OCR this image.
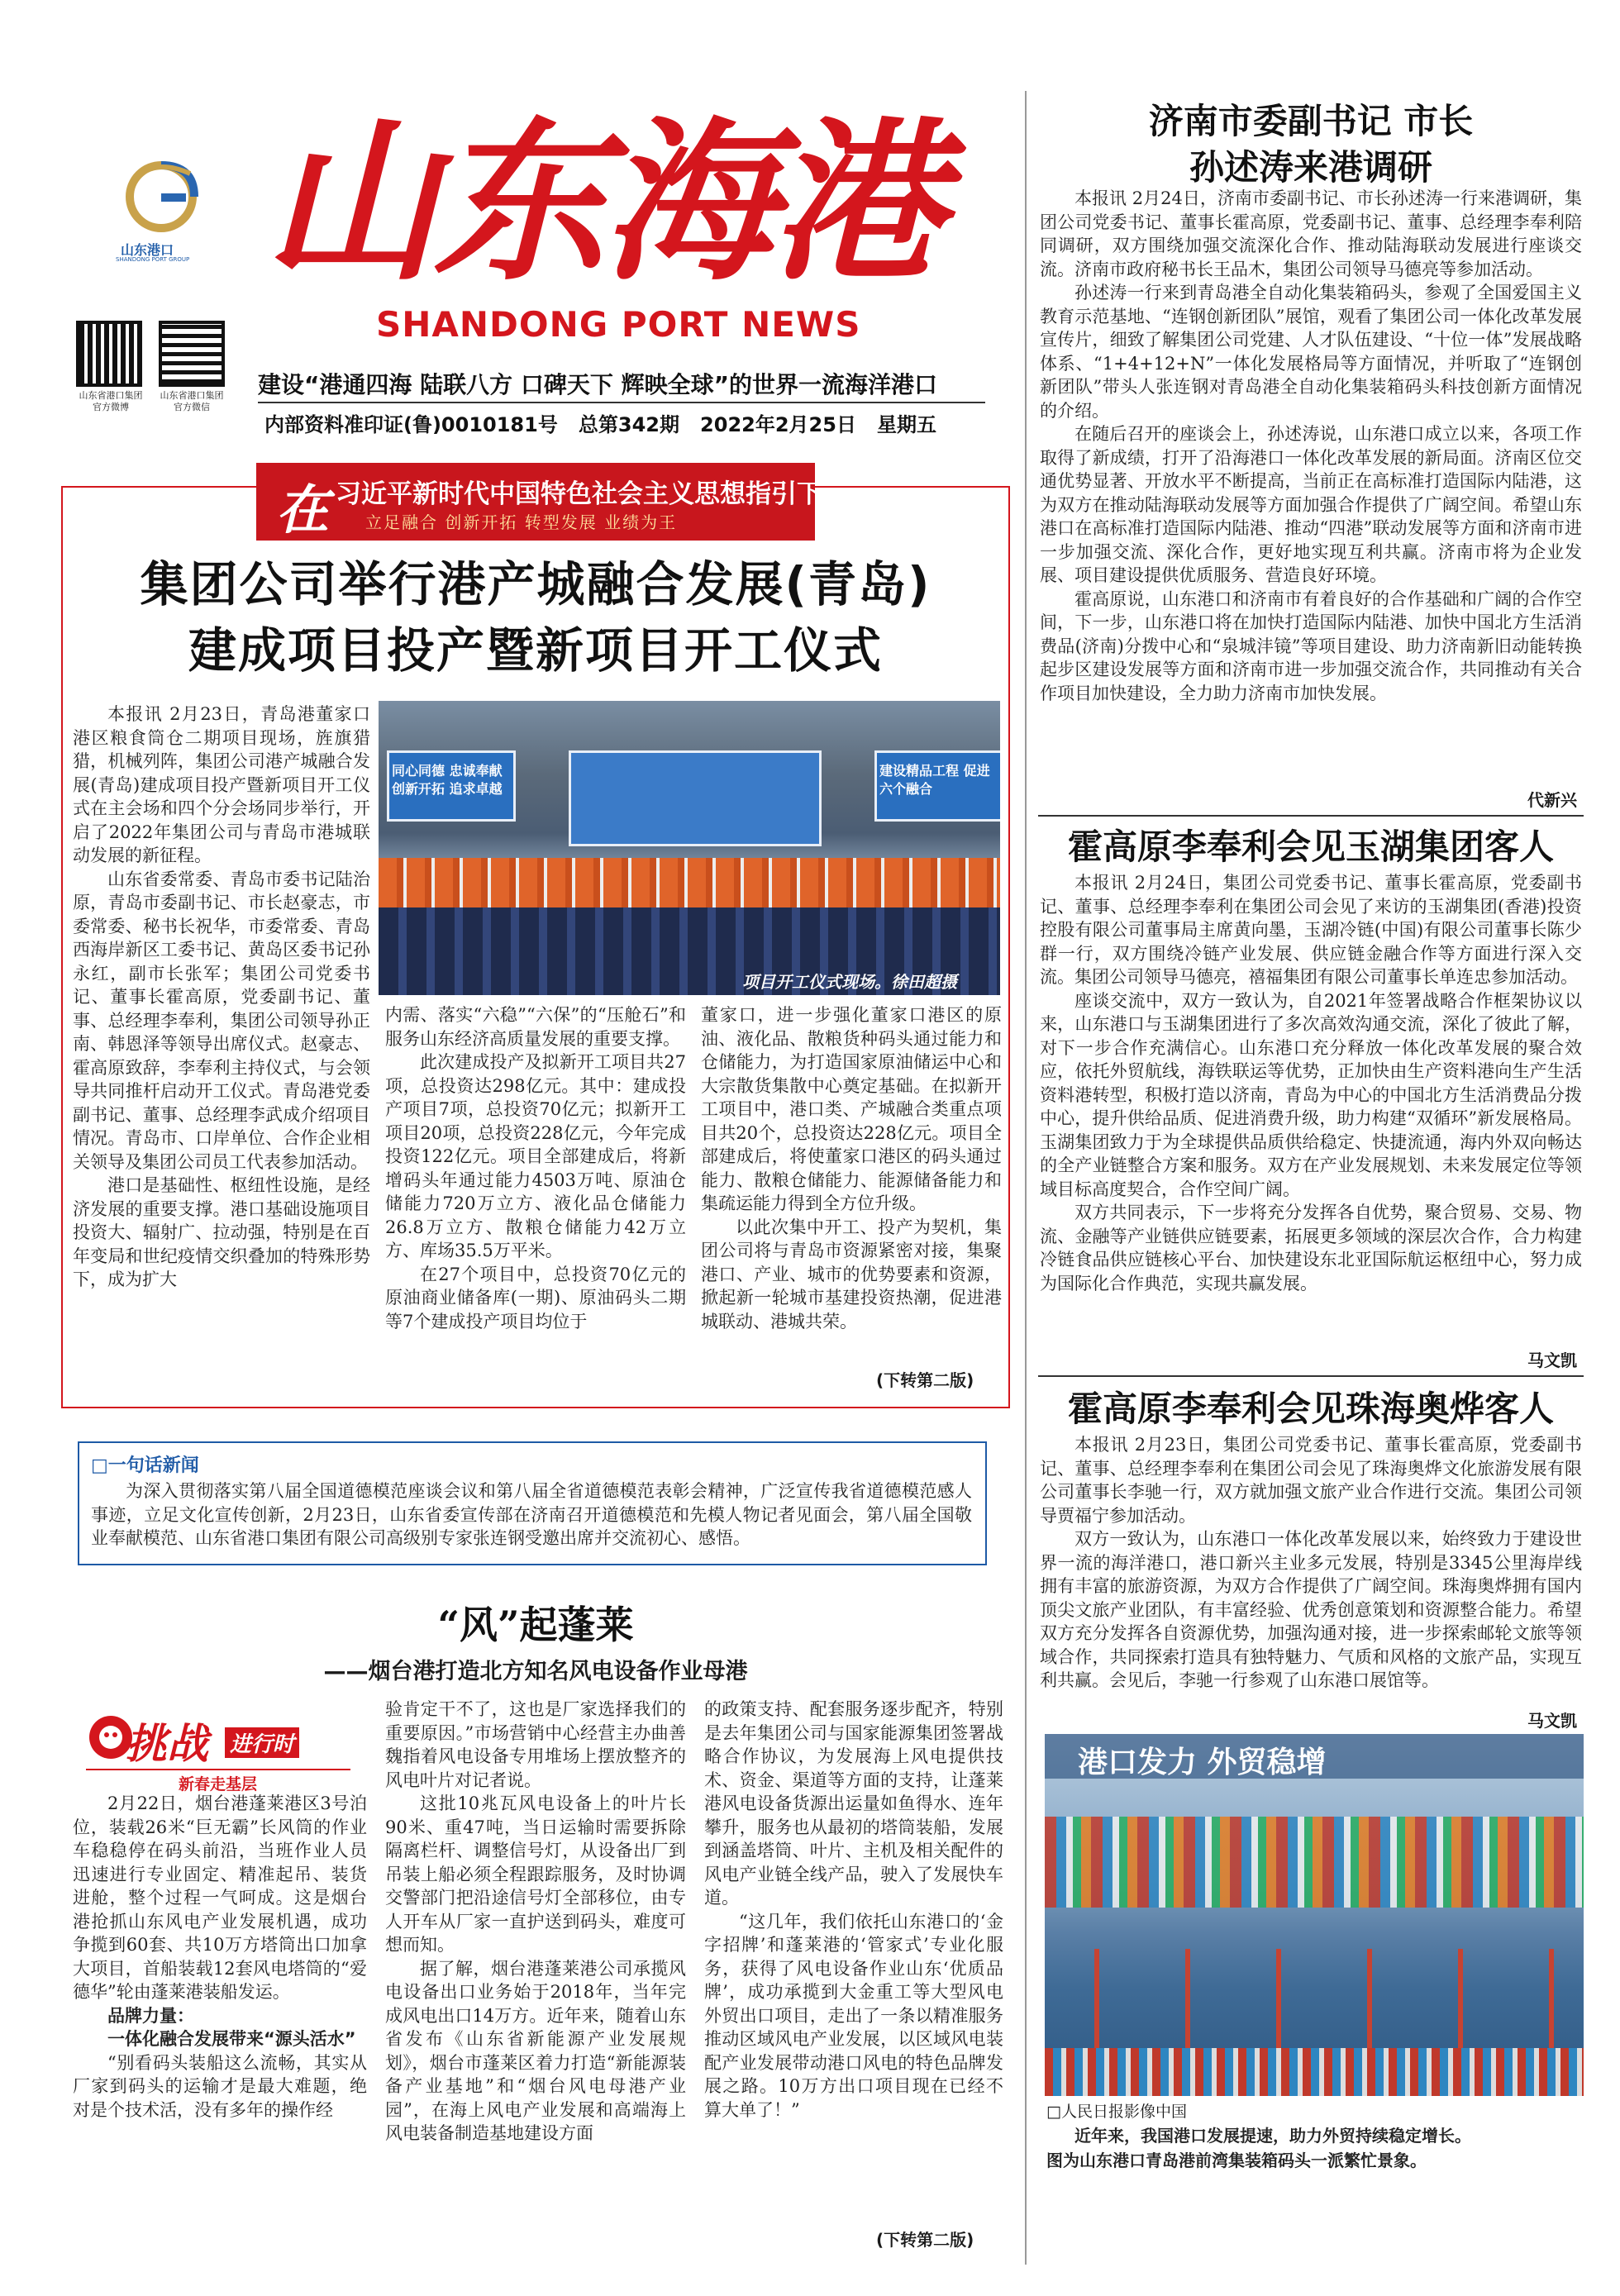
山东港口
SHANDONG PORT GROUP 山东海港
SHANDONG PORT NEWS
山东省港口集团官方微博
山东省港口集团官方微信
建设“港通四海 陆联八方 口碑天下 辉映全球”的世界一流海洋港口
内部资料准印证(鲁)0010181号   总第342期   2022年2月25日   星期五
在 习近平新时代中国特色社会主义思想指引下
立足融合 创新开拓 转型发展 业绩为王
集团公司举行港产城融合发展(青岛)
建成项目投产暨新项目开工仪式
同心同德 忠诚奉献 创新开拓 追求卓越
建设精品工程 促进六个融合
项目开工仪式现场。徐田超摄

本报讯 2月23日，青岛港董家口港区粮食筒仓二期项目现场，旌旗猎猎，机械列阵，集团公司港产城融合发展(青岛)建成项目投产暨新项目开工仪式在主会场和四个分会场同步举行，开启了2022年集团公司与青岛市港城联动发展的新征程。

山东省委常委、青岛市委书记陆治原，青岛市委副书记、市长赵豪志，市委常委、秘书长祝华，市委常委、青岛西海岸新区工委书记、黄岛区委书记孙永红，副市长张军；集团公司党委书记、董事长霍高原，党委副书记、董事、总经理李奉利，集团公司领导孙正南、韩恩泽等领导出席仪式。赵豪志、霍高原致辞，李奉利主持仪式，与会领导共同推杆启动开工仪式。青岛港党委副书记、董事、总经理李武成介绍项目情况。青岛市、口岸单位、合作企业相关领导及集团公司员工代表参加活动。

港口是基础性、枢纽性设施，是经济发展的重要支撑。港口基础设施项目投资大、辐射广、拉动强，特别是在百年变局和世纪疫情交织叠加的特殊形势下，成为扩大

内需、落实“六稳”“六保”的“压舱石”和服务山东经济高质量发展的重要支撑。

此次建成投产及拟新开工项目共27项，总投资达298亿元。其中：建成投产项目7项，总投资70亿元；拟新开工项目20项，总投资228亿元，今年完成投资122亿元。项目全部建成后，将新增码头年通过能力4503万吨、原油仓储能力720万立方、液化品仓储能力26.8万立方、散粮仓储能力42万立方、库场35.5万平米。

在27个项目中，总投资70亿元的原油商业储备库(一期)、原油码头二期等7个建成投产项目均位于

董家口，进一步强化董家口港区的原油、液化品、散粮货种码头通过能力和仓储能力，为打造国家原油储运中心和大宗散货集散中心奠定基础。在拟新开工项目中，港口类、产城融合类重点项目共20个，总投资达228亿元。项目全部建成后，将使董家口港区的码头通过能力、散粮仓储能力、能源储备能力和集疏运能力得到全方位升级。

以此次集中开工、投产为契机，集团公司将与青岛市资源紧密对接，集聚港口、产业、城市的优势要素和资源，掀起新一轮城市基建投资热潮，促进港城联动、港城共荣。

(下转第二版)
□一句话新闻
为深入贯彻落实第八届全国道德模范座谈会议和第八届全省道德模范表彰会精神，广泛宣传我省道德模范感人事迹，立足文化宣传创新，2月23日，山东省委宣传部在济南召开道德模范和先模人物记者见面会，第八届全国敬业奉献模范、山东省港口集团有限公司高级别专家张连钢受邀出席并交流初心、感悟。
“风”起蓬莱
——烟台港打造北方知名风电设备作业母港
挑战 进行时
新春走基层

2月22日，烟台港蓬莱港区3号泊位，装载26米“巨无霸”长风筒的作业车稳稳停在码头前沿，当班作业人员迅速进行专业固定、精准起吊、装货进舱，整个过程一气呵成。这是烟台港抢抓山东风电产业发展机遇，成功争揽到60套、共10万方塔筒出口加拿大项目，首船装载12套风电塔筒的“爱德华”轮由蓬莱港装船发运。

品牌力量：

一体化融合发展带来“源头活水”

“别看码头装船这么流畅，其实从厂家到码头的运输才是最大难题，绝对是个技术活，没有多年的操作经

验肯定干不了，这也是厂家选择我们的重要原因。”市场营销中心经营主办曲善魏指着风电设备专用堆场上摆放整齐的风电叶片对记者说。

这批10兆瓦风电设备上的叶片长90米、重47吨，当日运输时需要拆除隔离栏杆、调整信号灯，从设备出厂到吊装上船必须全程跟踪服务，及时协调交警部门把沿途信号灯全部移位，由专人开车从厂家一直护送到码头，难度可想而知。

据了解，烟台港蓬莱港公司承揽风电设备出口业务始于2018年，当年完成风电出口14万方。近年来，随着山东省发布《山东省新能源产业发展规划》，烟台市蓬莱区着力打造“新能源装备产业基地”和“烟台风电母港产业园”，在海上风电产业发展和高端海上风电装备制造基地建设方面

的政策支持、配套服务逐步配齐，特别是去年集团公司与国家能源集团签署战略合作协议，为发展海上风电提供技术、资金、渠道等方面的支持，让蓬莱港风电设备货源出运量如鱼得水、连年攀升，服务也从最初的塔筒装船，发展到涵盖塔筒、叶片、主机及相关配件的风电产业链全线产品，驶入了发展快车道。

“这几年，我们依托山东港口的‘金字招牌’和蓬莱港的‘管家式’专业化服务，获得了风电设备作业山东‘优质品牌’，成功承揽到大金重工等大型风电外贸出口项目，走出了一条以精准服务推动区域风电产业发展，以区域风电装配产业发展带动港口风电的特色品牌发展之路。10万方出口项目现在已经不算大单了！”

(下转第二版)
济南市委副书记 市长
孙述涛来港调研

本报讯 2月24日，济南市委副书记、市长孙述涛一行来港调研，集团公司党委书记、董事长霍高原，党委副书记、董事、总经理李奉利陪同调研，双方围绕加强交流深化合作、推动陆海联动发展进行座谈交流。济南市政府秘书长王品木，集团公司领导马德亮等参加活动。

孙述涛一行来到青岛港全自动化集装箱码头，参观了全国爱国主义教育示范基地、“连钢创新团队”展馆，观看了集团公司一体化改革发展宣传片，细致了解集团公司党建、人才队伍建设、“十位一体”发展战略体系、“1+4+12+N”一体化发展格局等方面情况，并听取了“连钢创新团队”带头人张连钢对青岛港全自动化集装箱码头科技创新方面情况的介绍。

在随后召开的座谈会上，孙述涛说，山东港口成立以来，各项工作取得了新成绩，打开了沿海港口一体化改革发展的新局面。济南区位交通优势显著、开放水平不断提高，当前正在高标准打造国际内陆港，这为双方在推动陆海联动发展等方面加强合作提供了广阔空间。希望山东港口在高标准打造国际内陆港、推动“四港”联动发展等方面和济南市进一步加强交流、深化合作，更好地实现互利共赢。济南市将为企业发展、项目建设提供优质服务、营造良好环境。

霍高原说，山东港口和济南市有着良好的合作基础和广阔的合作空间，下一步，山东港口将在加快打造国际内陆港、加快中国北方生活消费品(济南)分拨中心和“泉城沣镜”等项目建设、助力济南新旧动能转换起步区建设发展等方面和济南市进一步加强交流合作，共同推动有关合作项目加快建设，全力助力济南市加快发展。

代新兴
霍高原李奉利会见玉湖集团客人

本报讯 2月24日，集团公司党委书记、董事长霍高原，党委副书记、董事、总经理李奉利在集团公司会见了来访的玉湖集团(香港)投资控股有限公司董事局主席黄向墨，玉湖冷链(中国)有限公司董事长陈少群一行，双方围绕冷链产业发展、供应链金融合作等方面进行深入交流。集团公司领导马德亮，禧福集团有限公司董事长单连忠参加活动。

座谈交流中，双方一致认为，自2021年签署战略合作框架协议以来，山东港口与玉湖集团进行了多次高效沟通交流，深化了彼此了解，对下一步合作充满信心。山东港口充分释放一体化改革发展的聚合效应，依托外贸航线，海铁联运等优势，正加快由生产资料港向生产生活资料港转型，积极打造以济南，青岛为中心的中国北方生活消费品分拨中心，提升供给品质、促进消费升级，助力构建“双循环”新发展格局。玉湖集团致力于为全球提供品质供给稳定、快捷流通，海内外双向畅达的全产业链整合方案和服务。双方在产业发展规划、未来发展定位等领域目标高度契合，合作空间广阔。

双方共同表示，下一步将充分发挥各自优势，聚合贸易、交易、物流、金融等产业链供应链要素，拓展更多领域的深层次合作，合力构建冷链食品供应链核心平台、加快建设东北亚国际航运枢纽中心，努力成为国际化合作典范，实现共赢发展。

马文凯
霍高原李奉利会见珠海奥烨客人

本报讯 2月23日，集团公司党委书记、董事长霍高原，党委副书记、董事、总经理李奉利在集团公司会见了珠海奥烨文化旅游发展有限公司董事长李驰一行，双方就加强文旅产业合作进行交流。集团公司领导贾福宁参加活动。

双方一致认为，山东港口一体化改革发展以来，始终致力于建设世界一流的海洋港口，港口新兴主业多元发展，特别是3345公里海岸线拥有丰富的旅游资源，为双方合作提供了广阔空间。珠海奥烨拥有国内顶尖文旅产业团队，有丰富经验、优秀创意策划和资源整合能力。希望双方充分发挥各自资源优势，加强沟通对接，进一步探索邮轮文旅等领域合作，共同探索打造具有独特魅力、气质和风格的文旅产品，实现互利共赢。会见后，李驰一行参观了山东港口展馆等。

马文凯
港口发力 外贸稳增
□人民日报影像中国
近年来，我国港口发展提速，助力外贸持续稳定增长。
图为山东港口青岛港前湾集装箱码头一派繁忙景象。
